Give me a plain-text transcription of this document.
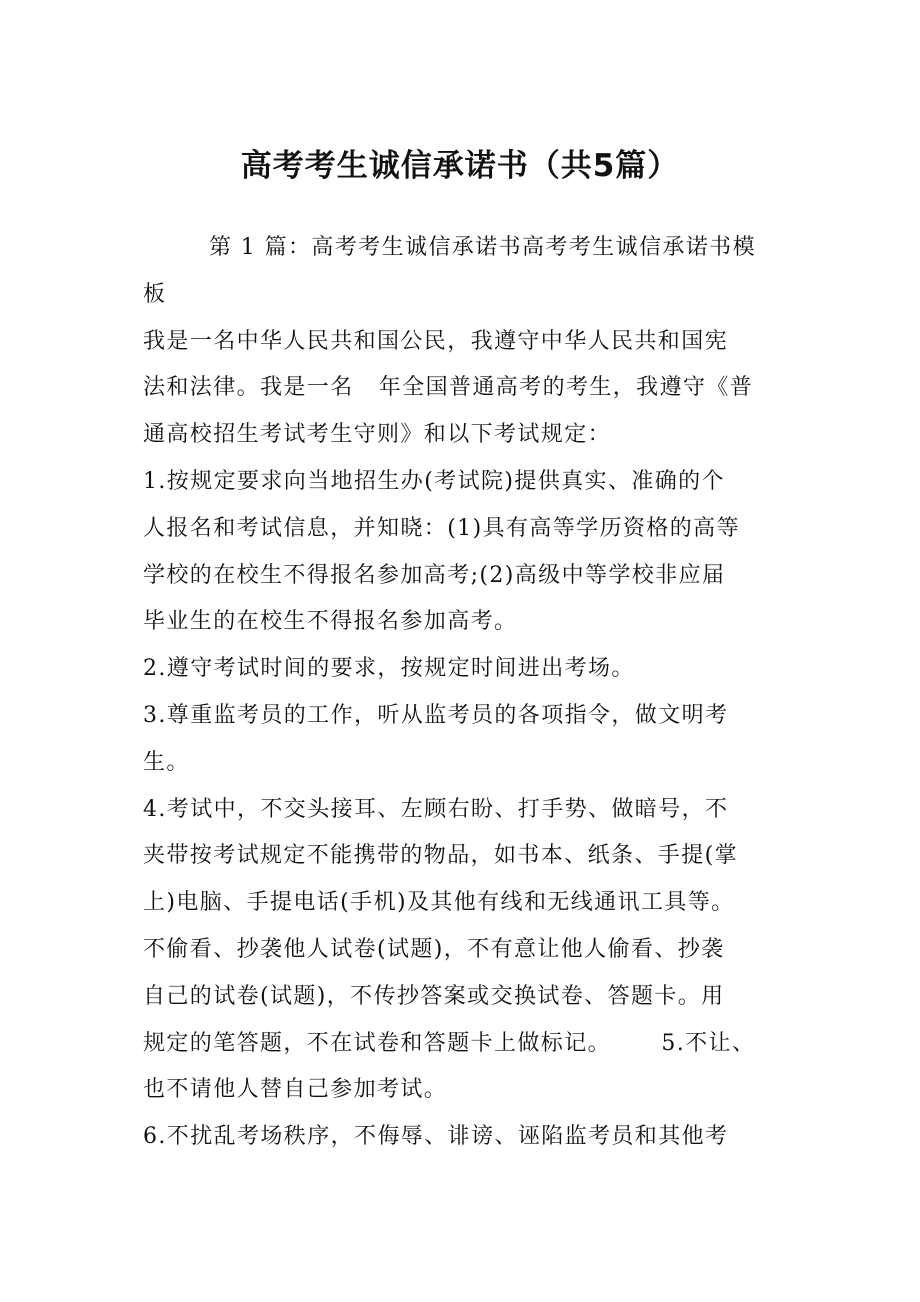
高考考生诚信承诺书（共5篇）
第 1 篇：高考考生诚信承诺书高考考生诚信承诺书模
板
我是一名中华人民共和国公民，我遵守中华人民共和国宪
法和法律。我是一名   年全国普通高考的考生，我遵守《普
通高校招生考试考生守则》和以下考试规定：
1.按规定要求向当地招生办(考试院)提供真实、准确的个
人报名和考试信息，并知晓：(1)具有高等学历资格的高等
学校的在校生不得报名参加高考;(2)高级中等学校非应届
毕业生的在校生不得报名参加高考。
2.遵守考试时间的要求，按规定时间进出考场。
3.尊重监考员的工作，听从监考员的各项指令，做文明考
生。
4.考试中，不交头接耳、左顾右盼、打手势、做暗号，不
夹带按考试规定不能携带的物品，如书本、纸条、手提(掌
上)电脑、手提电话(手机)及其他有线和无线通讯工具等。
不偷看、抄袭他人试卷(试题)，不有意让他人偷看、抄袭
自己的试卷(试题)，不传抄答案或交换试卷、答题卡。用
规定的笔答题，不在试卷和答题卡上做标记。      5.不让、
也不请他人替自己参加考试。
6.不扰乱考场秩序，不侮辱、诽谤、诬陷监考员和其他考
